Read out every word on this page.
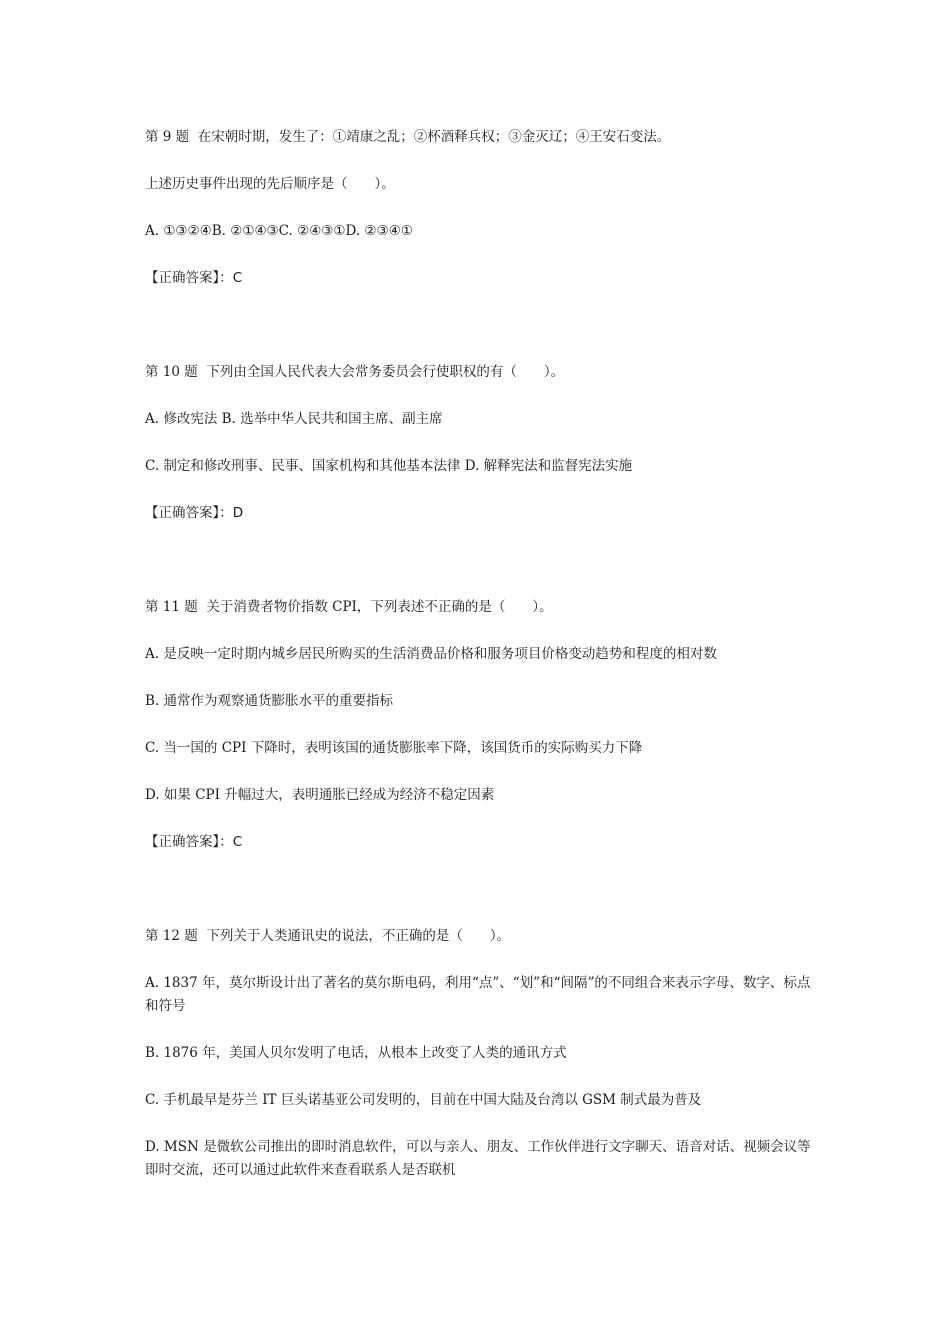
第 9 题  在宋朝时期，发生了：①靖康之乱；②杯酒释兵权；③金灭辽；④王安石变法。

上述历史事件出现的先后顺序是（　　）。

A. ①③②④B. ②①④③C. ②④③①D. ②③④①

【正确答案】：C

第 10 题  下列由全国人民代表大会常务委员会行使职权的有（　　）。

A. 修改宪法 B. 选举中华人民共和国主席、副主席

C. 制定和修改刑事、民事、国家机构和其他基本法律 D. 解释宪法和监督宪法实施

【正确答案】：D

第 11 题  关于消费者物价指数 CPI，下列表述不正确的是（　　）。

A. 是反映一定时期内城乡居民所购买的生活消费品价格和服务项目价格变动趋势和程度的相对数

B. 通常作为观察通货膨胀水平的重要指标

C. 当一国的 CPI 下降时，表明该国的通货膨胀率下降，该国货币的实际购买力下降

D. 如果 CPI 升幅过大，表明通胀已经成为经济不稳定因素

【正确答案】：C

第 12 题  下列关于人类通讯史的说法，不正确的是（　　）。

A. 1837 年，莫尔斯设计出了著名的莫尔斯电码，利用“点”、“划”和“间隔”的不同组合来表示字母、数字、标点和符号

B. 1876 年，美国人贝尔发明了电话，从根本上改变了人类的通讯方式

C. 手机最早是芬兰 IT 巨头诺基亚公司发明的，目前在中国大陆及台湾以 GSM 制式最为普及

D. MSN 是微软公司推出的即时消息软件，可以与亲人、朋友、工作伙伴进行文字聊天、语音对话、视频会议等即时交流，还可以通过此软件来查看联系人是否联机
